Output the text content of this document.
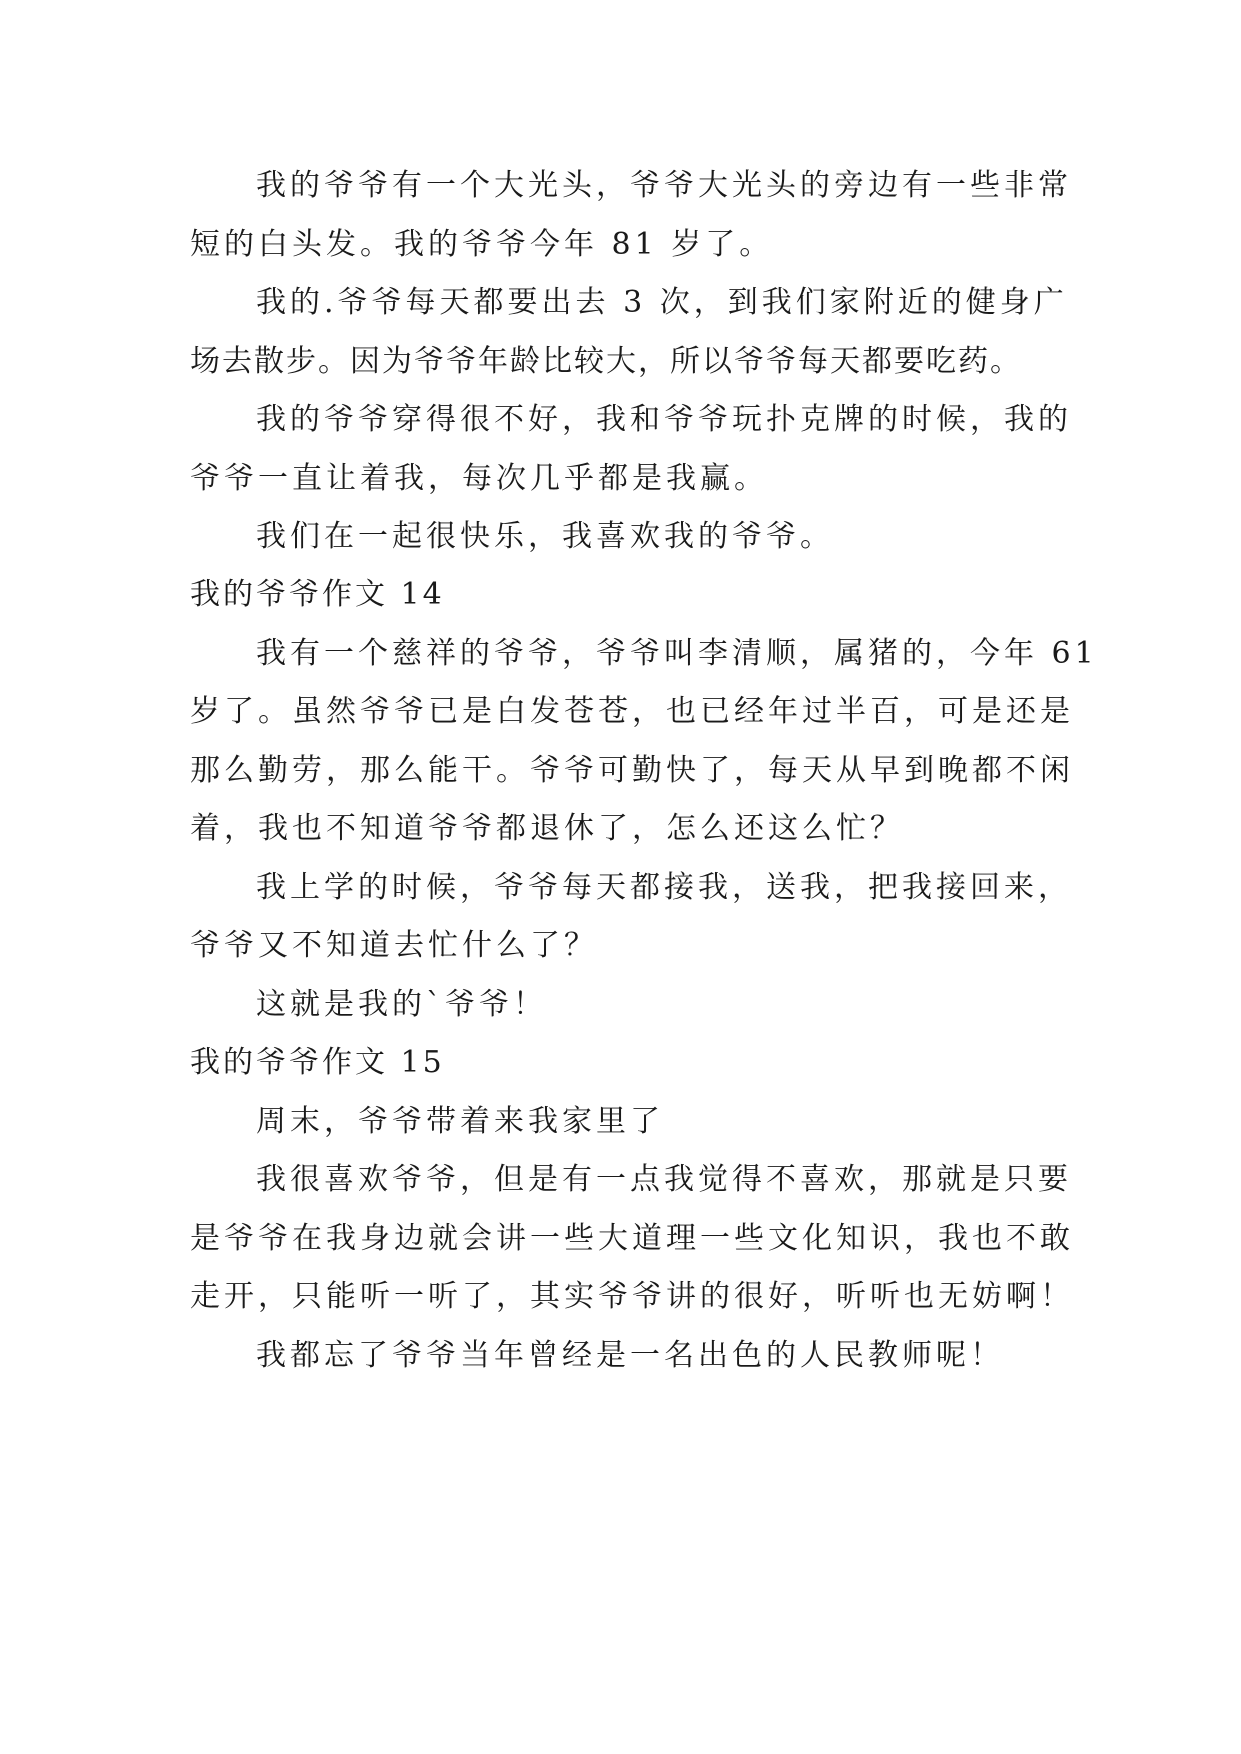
我的爷爷有一个大光头，爷爷大光头的旁边有一些非常
短的白头发。我的爷爷今年 81 岁了。
我的.爷爷每天都要出去 3 次，到我们家附近的健身广
场去散步。因为爷爷年龄比较大，所以爷爷每天都要吃药。
我的爷爷穿得很不好，我和爷爷玩扑克牌的时候，我的
爷爷一直让着我，每次几乎都是我赢。
我们在一起很快乐，我喜欢我的爷爷。
我的爷爷作文 14
我有一个慈祥的爷爷，爷爷叫李清顺，属猪的，今年 61
岁了。虽然爷爷已是白发苍苍，也已经年过半百，可是还是
那么勤劳，那么能干。爷爷可勤快了，每天从早到晚都不闲
着，我也不知道爷爷都退休了，怎么还这么忙？
我上学的时候，爷爷每天都接我，送我，把我接回来，
爷爷又不知道去忙什么了？
这就是我的`爷爷！
我的爷爷作文 15
周末，爷爷带着来我家里了
我很喜欢爷爷，但是有一点我觉得不喜欢，那就是只要
是爷爷在我身边就会讲一些大道理一些文化知识，我也不敢
走开，只能听一听了，其实爷爷讲的很好，听听也无妨啊！
我都忘了爷爷当年曾经是一名出色的人民教师呢！
